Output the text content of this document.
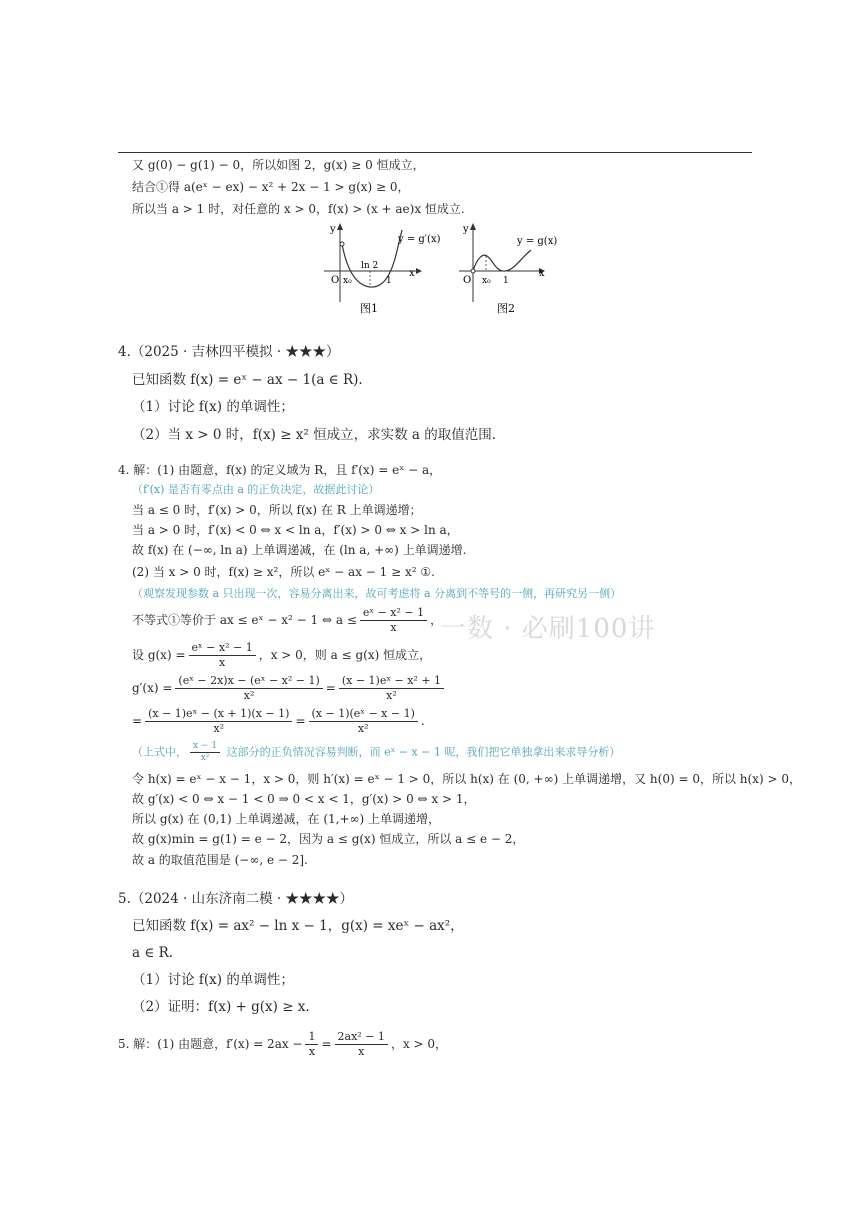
又 g(0) − g(1) − 0，所以如图 2，g(x) ≥ 0 恒成立，
结合①得 a(eˣ − ex) − x² + 2x − 1 > g(x) ≥ 0，
所以当 a > 1 时，对任意的 x > 0，f(x) > (x + ae)x 恒成立.
y
x
O x₀
ln 2
1
y = g′(x)
图1
y
x
O x₀ 1
y = g(x)
图2
4.（2025 · 吉林四平模拟 · ★★★）
已知函数 f(x) = eˣ − ax − 1(a ∈ R).
（1）讨论 f(x) 的单调性；
（2）当 x > 0 时，f(x) ≥ x² 恒成立，求实数 a 的取值范围.
4. 解：(1) 由题意，f(x) 的定义域为 R，且 f′(x) = eˣ − a，
（f′(x) 是否有零点由 a 的正负决定，故据此讨论）
当 a ≤ 0 时，f′(x) > 0，所以 f(x) 在 R 上单调递增；
当 a > 0 时，f′(x) < 0 ⇔ x < ln a，f′(x) > 0 ⇔ x > ln a，
故 f(x) 在 (−∞, ln a) 上单调递减，在 (ln a, +∞) 上单调递增.
(2) 当 x > 0 时，f(x) ≥ x²，所以 eˣ − ax − 1 ≥ x² ①.
（观察发现参数 a 只出现一次，容易分离出来，故可考虑将 a 分离到不等号的一侧，再研究另一侧）
不等式①等价于 ax ≤ eˣ − x² − 1 ⇔ $a \le \frac{\text{eˣ − x² − 1}}{x}$ ，
设 $g(x) = \frac{\text{eˣ − x² − 1}}{x}$ ，x > 0，则 a ≤ g(x) 恒成立，
$g'(x) = \frac{\text{(eˣ − 2x)x − (eˣ − x² − 1)}}{\text{x²}} = \frac{\text{(x − 1)eˣ − x² + 1}}{\text{x²}}$
= $\frac{\text{(x − 1)eˣ − (x + 1)(x − 1)}}{\text{x²}} = \frac{\text{(x − 1)(eˣ − x − 1)}}{\text{x²}}$ .
（上式中， $\frac{x - 1}{\text{x²}}$ 这部分的正负情况容易判断，而 eˣ − x − 1 呢，我们把它单独拿出来求导分析）
令 h(x) = eˣ − x − 1，x > 0，则 h′(x) = eˣ − 1 > 0，所以 h(x) 在 (0, +∞) 上单调递增，又 h(0) = 0，所以 h(x) > 0，
故 g′(x) < 0 ⇔ x − 1 < 0 ⇒ 0 < x < 1，g′(x) > 0 ⇔ x > 1，
所以 g(x) 在 (0,1) 上单调递减，在 (1,+∞) 上单调递增，
故 g(x)min = g(1) = e − 2，因为 a ≤ g(x) 恒成立，所以 a ≤ e − 2，
故 a 的取值范围是 (−∞, e − 2].
一数 · 必刷100讲
5.（2024 · 山东济南二模 · ★★★★）
已知函数 f(x) = ax² − ln x − 1，g(x) = xeˣ − ax²，
a ∈ R.
（1）讨论 f(x) 的单调性；
（2）证明：f(x) + g(x) ≥ x.
5. 解：(1) 由题意，$f'(x) = 2ax - \frac{1}{x} = \frac{\text{2ax² − 1}}{x}$ ，x > 0，
